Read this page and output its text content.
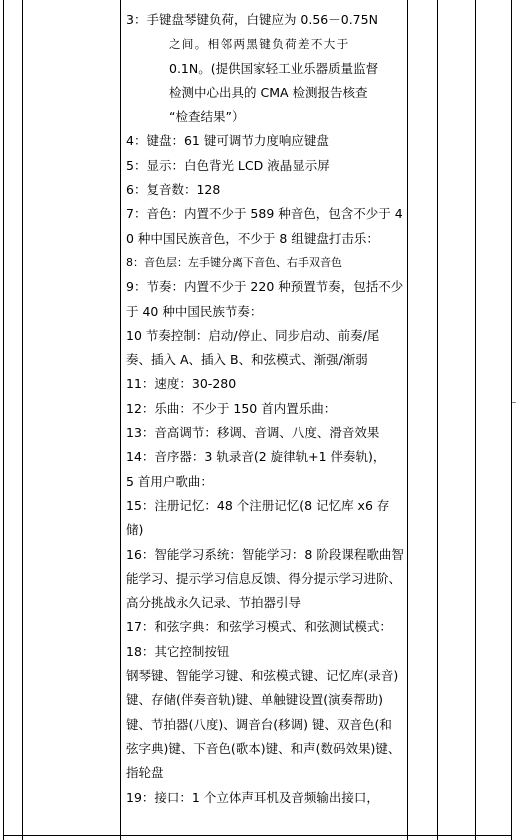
3：手键盘琴键负荷，白键应为 0.56－0.75N

之间。相邻两黑键负荷差不大于

0.1N。(提供国家轻工业乐器质量监督

检测中心出具的 CMA 检测报告核查

“检查结果”）

4：键盘：61 键可调节力度响应键盘

5：显示：白色背光 LCD 液晶显示屏

6：复音数：128

7：音色：内置不少于 589 种音色，包含不少于 40 种中国民族音色，不少于 8 组键盘打击乐：

8：音色层：左手键分离下音色、右手双音色

9：节奏：内置不少于 220 种预置节奏，包括不少于 40 种中国民族节奏：

10 节奏控制：启动/停止、同步启动、前奏/尾奏、插入 A、插入 B、和弦模式、渐强/渐弱

11：速度：30-280

12：乐曲：不少于 150 首内置乐曲：

13：音高调节：移调、音调、八度、滑音效果

14：音序器：3 轨录音(2 旋律轨+1 伴奏轨)，

5 首用户歌曲：

15：注册记忆：48 个注册记忆(8 记忆库 x6 存储)

16：智能学习系统：智能学习：8 阶段课程歌曲智能学习、提示学习信息反馈、得分提示学习进阶、高分挑战永久记录、节拍器引导

17：和弦字典：和弦学习模式、和弦测试模式：

18：其它控制按钮

钢琴键、智能学习键、和弦模式键、记忆库(录音)键、存储(伴奏音轨)键、单触键设置(演奏帮助)键、节拍器(八度)、调音台(移调) 键、双音色(和弦字典)键、下音色(歌本)键、和声(数码效果)键、指轮盘

19：接口：1 个立体声耳机及音频输出接口，
